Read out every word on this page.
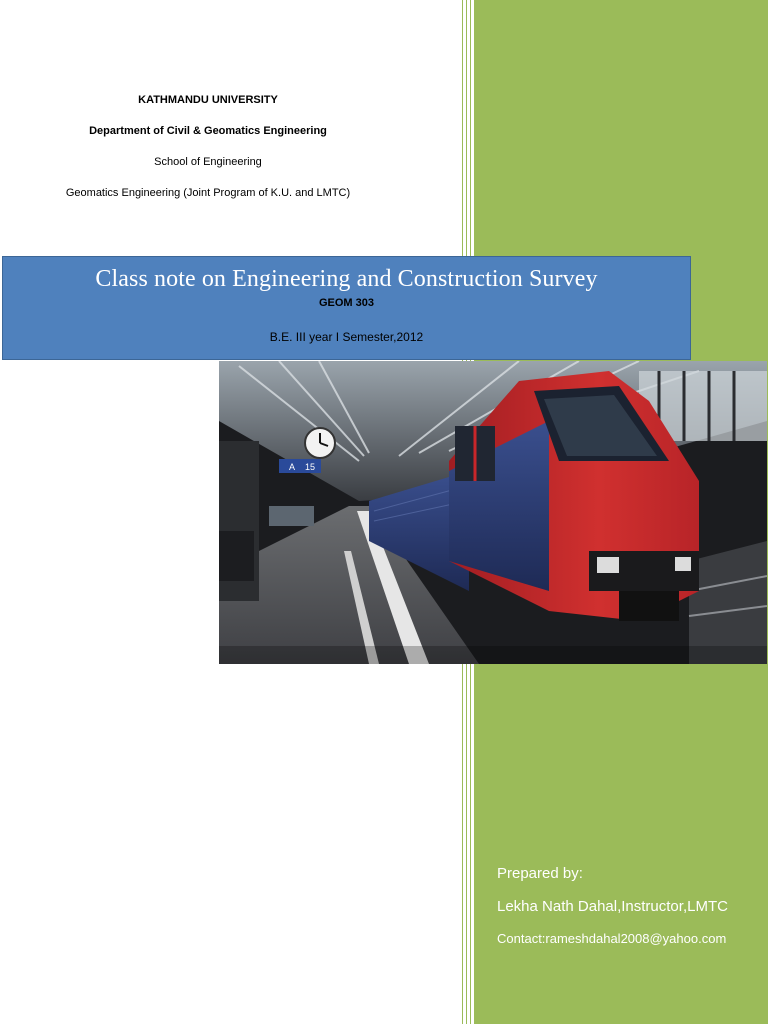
KATHMANDU UNIVERSITY
Department of Civil & Geomatics Engineering
School of Engineering
Geomatics Engineering (Joint Program of K.U. and LMTC)
Class note on Engineering and Construction Survey
GEOM 303
B.E. III year I Semester,2012
A 15
Prepared by:
Lekha Nath Dahal,Instructor,LMTC
Contact:rameshdahal2008@yahoo.com
